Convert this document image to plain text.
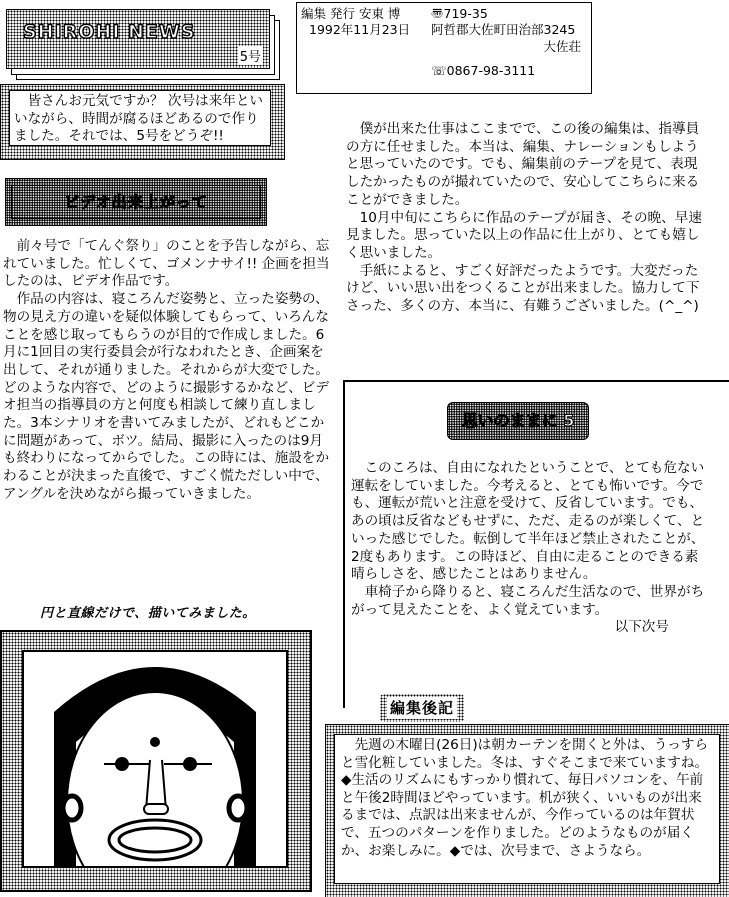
SHIROHI NEWS
5号
編集 発行 安東 博
1992年11月23日
〠719-35
阿哲郡大佐町田治部3245
大佐荘
☏0867-98-3111

皆さんお元気ですか？ 次号は来年といいながら、時間が腐るほどあるので作りました。それでは、5号をどうぞ!!

ビデオ出来上がって

前々号で「てんぐ祭り」のことを予告しながら、忘れていました。忙しくて、ゴメンナサイ!! 企画を担当したのは、ビデオ作品です。

作品の内容は、寝ころんだ姿勢と、立った姿勢の、物の見え方の違いを疑似体験してもらって、いろんなことを感じ取ってもらうのが目的で作成しました。6月に1回目の実行委員会が行なわれたとき、企画案を出して、それが通りました。それからが大変でした。どのような内容で、どのように撮影するかなど、ビデオ担当の指導員の方と何度も相談して練り直しました。3本シナリオを書いてみましたが、どれもどこかに問題があって、ボツ。結局、撮影に入ったのは9月も終わりになってからでした。この時には、施設をかわることが決まった直後で、すごく慌ただしい中で、アングルを決めながら撮っていきました。

僕が出来た仕事はここまでで、この後の編集は、指導員の方に任せました。本当は、編集、ナレーションもしようと思っていたのです。でも、編集前のテープを見て、表現したかったものが撮れていたので、安心してこちらに来ることができました。

10月中旬にこちらに作品のテープが届き、その晩、早速見ました。思っていた以上の作品に仕上がり、とても嬉しく思いました。

手紙によると、すごく好評だったようです。大変だったけど、いい思い出をつくることが出来ました。協力して下さった、多くの方、本当に、有難うございました。(^_^)

思いのままに 5

このころは、自由になれたということで、とても危ない運転をしていました。今考えると、とても怖いです。今でも、運転が荒いと注意を受けて、反省しています。でも、あの頃は反省などもせずに、ただ、走るのが楽しくて、といった感じでした。転倒して半年ほど禁止されたことが、2度もあります。この時ほど、自由に走ることのできる素晴らしさを、感じたことはありません。

車椅子から降りると、寝ころんだ生活なので、世界がちがって見えたことを、よく覚えています。

以下次号
編集後記

先週の木曜日(26日)は朝カーテンを開くと外は、うっすらと雪化粧していました。冬は、すぐそこまで来ていますね。◆生活のリズムにもすっかり慣れて、毎日パソコンを、午前と午後2時間ほどやっています。机が狭く、いいものが出来るまでは、点訳は出来ませんが、今作っているのは年賀状で、五つのパターンを作りました。どのようなものが届くか、お楽しみに。◆では、次号まで、さようなら。

円と直線だけで、描いてみました。
